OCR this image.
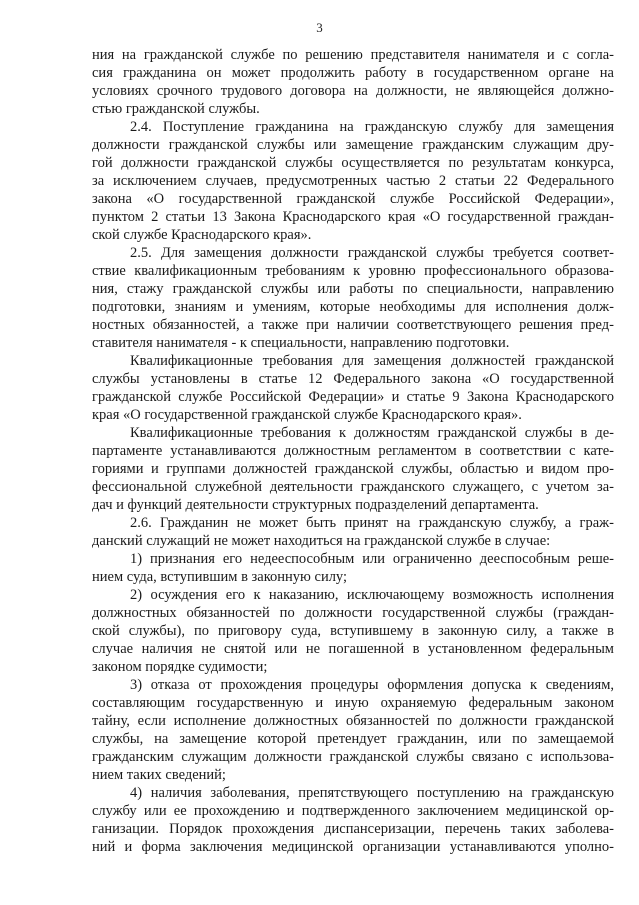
3
ния на гражданской службе по решению представителя нанимателя и с согла-
сия гражданина он может продолжить работу в государственном органе на
условиях срочного трудового договора на должности, не являющейся должно-
стью гражданской службы.
2.4. Поступление гражданина на гражданскую службу для замещения
должности гражданской службы или замещение гражданским служащим дру-
гой должности гражданской службы осуществляется по результатам конкурса,
за исключением случаев, предусмотренных частью 2 статьи 22 Федерального
закона «О государственной гражданской службе Российской Федерации»,
пунктом 2 статьи 13 Закона Краснодарского края «О государственной граждан-
ской службе Краснодарского края».
2.5. Для замещения должности гражданской службы требуется соответ-
ствие квалификационным требованиям к уровню профессионального образова-
ния, стажу гражданской службы или работы по специальности, направлению
подготовки, знаниям и умениям, которые необходимы для исполнения долж-
ностных обязанностей, а также при наличии соответствующего решения пред-
ставителя нанимателя - к специальности, направлению подготовки.
Квалификационные требования для замещения должностей гражданской
службы установлены в статье 12 Федерального закона «О государственной
гражданской службе Российской Федерации» и статье 9 Закона Краснодарского
края «О государственной гражданской службе Краснодарского края».
Квалификационные требования к должностям гражданской службы в де-
партаменте устанавливаются должностным регламентом в соответствии с кате-
гориями и группами должностей гражданской службы, областью и видом про-
фессиональной служебной деятельности гражданского служащего, с учетом за-
дач и функций деятельности структурных подразделений департамента.
2.6. Гражданин не может быть принят на гражданскую службу, а граж-
данский служащий не может находиться на гражданской службе в случае:
1) признания его недееспособным или ограниченно дееспособным реше-
нием суда, вступившим в законную силу;
2) осуждения его к наказанию, исключающему возможность исполнения
должностных обязанностей по должности государственной службы (граждан-
ской службы), по приговору суда, вступившему в законную силу, а также в
случае наличия не снятой или не погашенной в установленном федеральным
законом порядке судимости;
3) отказа от прохождения процедуры оформления допуска к сведениям,
составляющим государственную и иную охраняемую федеральным законом
тайну, если исполнение должностных обязанностей по должности гражданской
службы, на замещение которой претендует гражданин, или по замещаемой
гражданским служащим должности гражданской службы связано с использова-
нием таких сведений;
4) наличия заболевания, препятствующего поступлению на гражданскую
службу или ее прохождению и подтвержденного заключением медицинской ор-
ганизации. Порядок прохождения диспансеризации, перечень таких заболева-
ний и форма заключения медицинской организации устанавливаются уполно-
